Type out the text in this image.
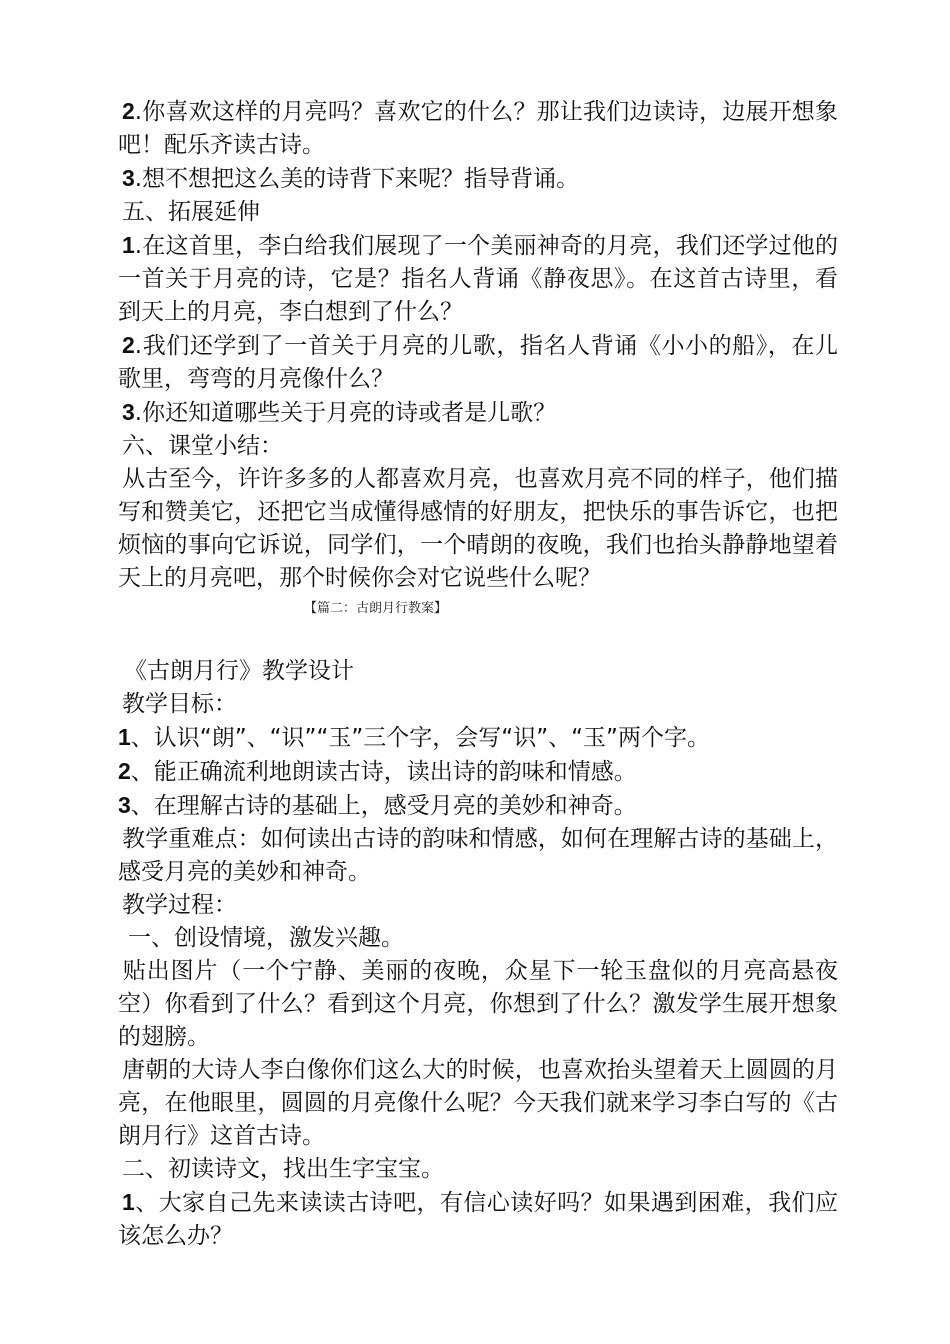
2.你喜欢这样的月亮吗？喜欢它的什么？那让我们边读诗，边展开想象吧！配乐齐读古诗。

3.想不想把这么美的诗背下来呢？指导背诵。

五、拓展延伸

1.在这首里，李白给我们展现了一个美丽神奇的月亮，我们还学过他的一首关于月亮的诗，它是？指名人背诵《静夜思》。在这首古诗里，看到天上的月亮，李白想到了什么？

2.我们还学到了一首关于月亮的儿歌，指名人背诵《小小的船》，在儿歌里，弯弯的月亮像什么？

3.你还知道哪些关于月亮的诗或者是儿歌？

六、课堂小结：

从古至今，许许多多的人都喜欢月亮，也喜欢月亮不同的样子，他们描写和赞美它，还把它当成懂得感情的好朋友，把快乐的事告诉它，也把烦恼的事向它诉说，同学们，一个晴朗的夜晚，我们也抬头静静地望着天上的月亮吧，那个时候你会对它说些什么呢？

【篇二：古朗月行教案】

《古朗月行》教学设计

教学目标：

1、认识“朗”、“识”“玉”三个字，会写“识”、“玉”两个字。

2、能正确流利地朗读古诗，读出诗的韵味和情感。

3、在理解古诗的基础上，感受月亮的美妙和神奇。

教学重难点：如何读出古诗的韵味和情感，如何在理解古诗的基础上，感受月亮的美妙和神奇。

教学过程：

一、创设情境，激发兴趣。

贴出图片（一个宁静、美丽的夜晚，众星下一轮玉盘似的月亮高悬夜空）你看到了什么？看到这个月亮，你想到了什么？激发学生展开想象的翅膀。

唐朝的大诗人李白像你们这么大的时候，也喜欢抬头望着天上圆圆的月亮，在他眼里，圆圆的月亮像什么呢？今天我们就来学习李白写的《古朗月行》这首古诗。

二、初读诗文，找出生字宝宝。

1、大家自己先来读读古诗吧，有信心读好吗？如果遇到困难，我们应该怎么办？
